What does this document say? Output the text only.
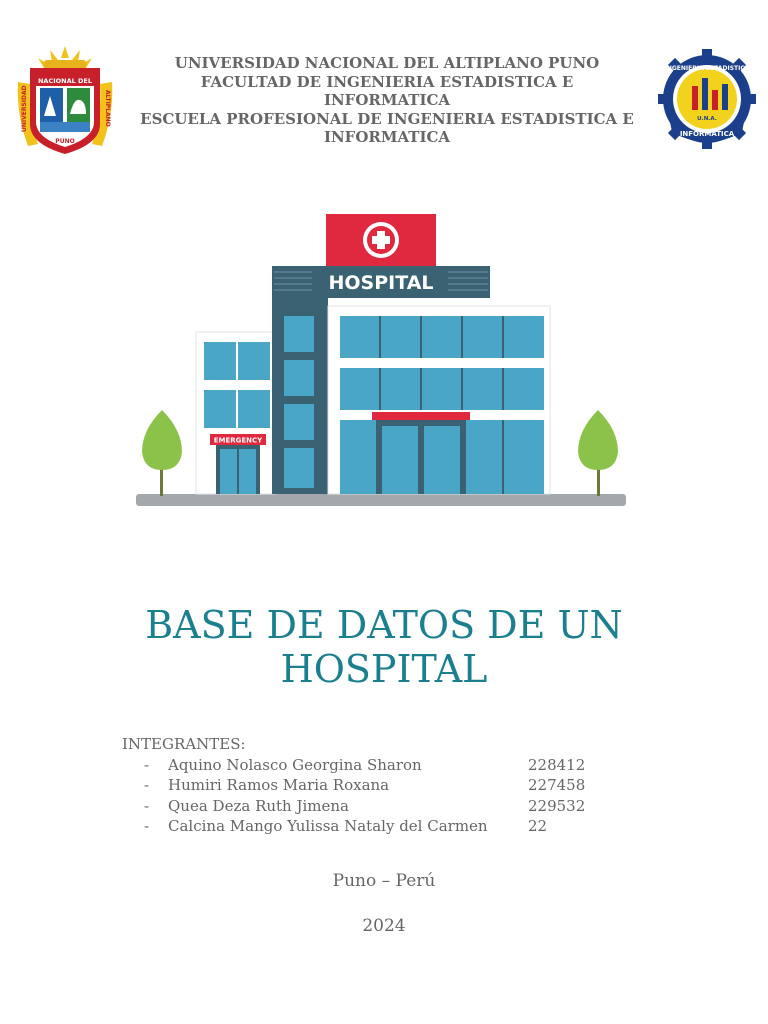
NACIONAL DEL
UNIVERSIDAD	ALTIPLANO
PUNO
UNIVERSIDAD NACIONAL DEL ALTIPLANO PUNO
FACULTAD DE INGENIERIA ESTADISTICA E
INFORMATICA
ESCUELA PROFESIONAL DE INGENIERIA ESTADISTICA E
INFORMATICA
U.N.A.
INFORMATICA
INGENIERIA ESTADISTICA
EMERGENCY
HOSPITAL
BASE DE DATOS DE UN
HOSPITAL
INTEGRANTES:
- Aquino Nolasco Georgina Sharon	228412
- Humiri Ramos Maria Roxana	227458
- Quea Deza Ruth Jimena	229532
- Calcina Mango Yulissa Nataly del Carmen	22
Puno – Perú
2024
